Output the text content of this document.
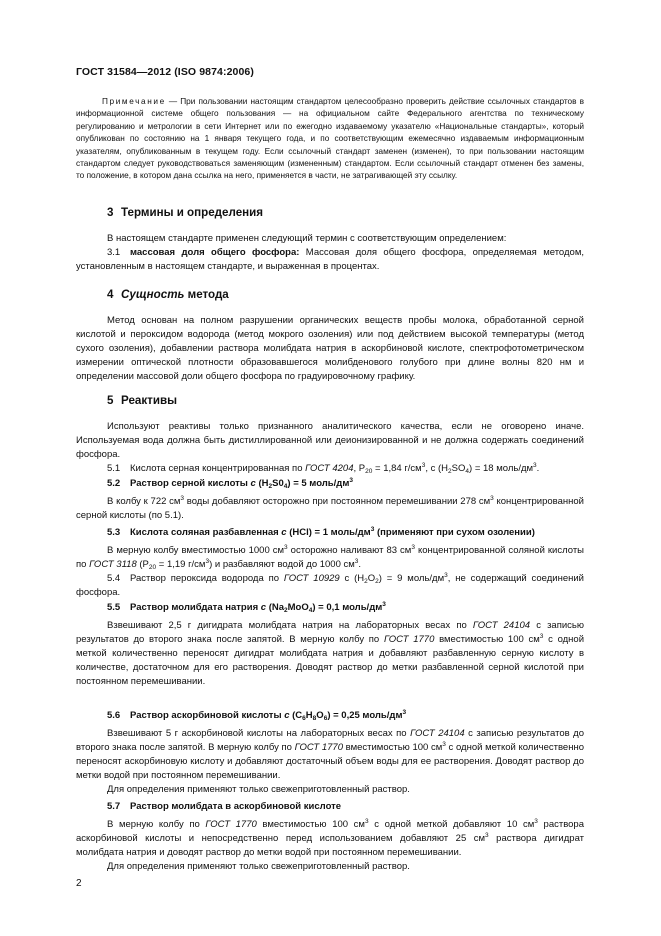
ГОСТ 31584—2012 (ISO 9874:2006)
Примечание — При пользовании настоящим стандартом целесообразно проверить действие ссылочных стандартов в информационной системе общего пользования — на официальном сайте Федерального агентства по техническому регулированию и метрологии в сети Интернет или по ежегодно издаваемому указателю «Национальные стандарты», который опубликован по состоянию на 1 января текущего года, и по соответствующим ежемесячно издаваемым информационным указателям, опубликованным в текущем году. Если ссылочный стандарт заменен (изменен), то при пользовании настоящим стандартом следует руководствоваться заменяющим (измененным) стандартом. Если ссылочный стандарт отменен без замены, то положение, в котором дана ссылка на него, применяется в части, не затрагивающей эту ссылку.
3 Термины и определения
В настоящем стандарте применен следующий термин с соответствующим определением:
3.1 массовая доля общего фосфора: Массовая доля общего фосфора, определяемая методом, установленным в настоящем стандарте, и выраженная в процентах.
4 Сущность метода
Метод основан на полном разрушении органических веществ пробы молока, обработанной серной кислотой и пероксидом водорода (метод мокрого озоления) или под действием высокой температуры (метод сухого озоления), добавлении раствора молибдата натрия в аскорбиновой кислоте, спектрофотометрическом измерении оптической плотности образовавшегося молибденового голубого при длине волны 820 нм и определении массовой доли общего фосфора по градуировочному графику.
5 Реактивы
Используют реактивы только признанного аналитического качества, если не оговорено иначе. Используемая вода должна быть дистиллированной или деионизированной и не должна содержать соединений фосфора.
5.1 Кислота серная концентрированная по ГОСТ 4204, $P_{20} = 1,84$ $г/см^3$, c $(H_2SO_4) = 18$ моль/$дм^3$.
5.2 Раствор серной кислоты c $(H_2S0_4) = 5$ моль/$дм^3$
В колбу к 722 $см^3$ воды добавляют осторожно при постоянном перемешивании 278 $см^3$ концентрированной серной кислоты (по 5.1).
5.3 Кислота соляная разбавленная c (HCl) = 1 моль/$дм^3$ (применяют при сухом озолении)
В мерную колбу вместимостью 1000 $см^3$ осторожно наливают 83 $см^3$ концентрированной соляной кислоты по ГОСТ 3118 ($P_{20} = 1,19$ $г/см^3$) и разбавляют водой до 1000 $см^3$.
5.4 Раствор пероксида водорода по ГОСТ 10929 c $(H_2O_2) = 9$ моль/$дм^3$, не содержащий соединений фосфора.
5.5 Раствор молибдата натрия c $(Na_2MoO_4) = 0,1$ моль/$дм^3$
Взвешивают 2,5 г дигидрата молибдата натрия на лабораторных весах по ГОСТ 24104 с записью результатов до второго знака после запятой. В мерную колбу по ГОСТ 1770 вместимостью 100 $см^3$ с одной меткой количественно переносят дигидрат молибдата натрия и добавляют разбавленную серную кислоту в количестве, достаточном для его растворения. Доводят раствор до метки разбавленной серной кислотой при постоянном перемешивании.
5.6 Раствор аскорбиновой кислоты c $(C_6H_8O_6) = 0,25$ моль/$дм^3$
Взвешивают 5 г аскорбиновой кислоты на лабораторных весах по ГОСТ 24104 с записью результатов до второго знака после запятой. В мерную колбу по ГОСТ 1770 вместимостью 100 $см^3$ с одной меткой количественно переносят аскорбиновую кислоту и добавляют достаточный объем воды для ее растворения. Доводят раствор до метки водой при постоянном перемешивании.
Для определения применяют только свежеприготовленный раствор.
5.7 Раствор молибдата в аскорбиновой кислоте
В мерную колбу по ГОСТ 1770 вместимостью 100 $см^3$ с одной меткой добавляют 10 $см^3$ раствора аскорбиновой кислоты и непосредственно перед использованием добавляют 25 $см^3$ раствора дигидрат молибдата натрия и доводят раствор до метки водой при постоянном перемешивании.
Для определения применяют только свежеприготовленный раствор.
2
